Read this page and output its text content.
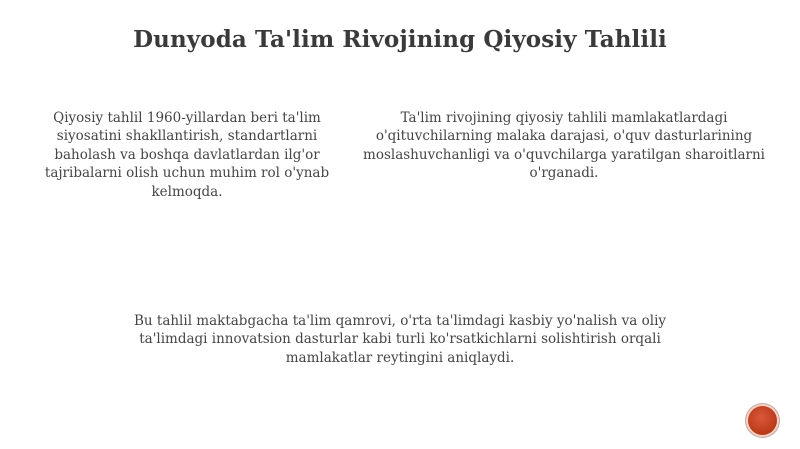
Dunyoda Ta'lim Rivojining Qiyosiy Tahlili

Qiyosiy tahlil 1960-yillardan beri ta'lim siyosatini shakllantirish, standartlarni baholash va boshqa davlatlardan ilg'or tajribalarni olish uchun muhim rol o'ynab kelmoqda.

Ta'lim rivojining qiyosiy tahlili mamlakatlardagi o'qituvchilarning malaka darajasi, o'quv dasturlarining moslashuvchanligi va o'quvchilarga yaratilgan sharoitlarni o'rganadi.

Bu tahlil maktabgacha ta'lim qamrovi, o'rta ta'limdagi kasbiy yo'nalish va oliy ta'limdagi innovatsion dasturlar kabi turli ko'rsatkichlarni solishtirish orqali mamlakatlar reytingini aniqlaydi.
